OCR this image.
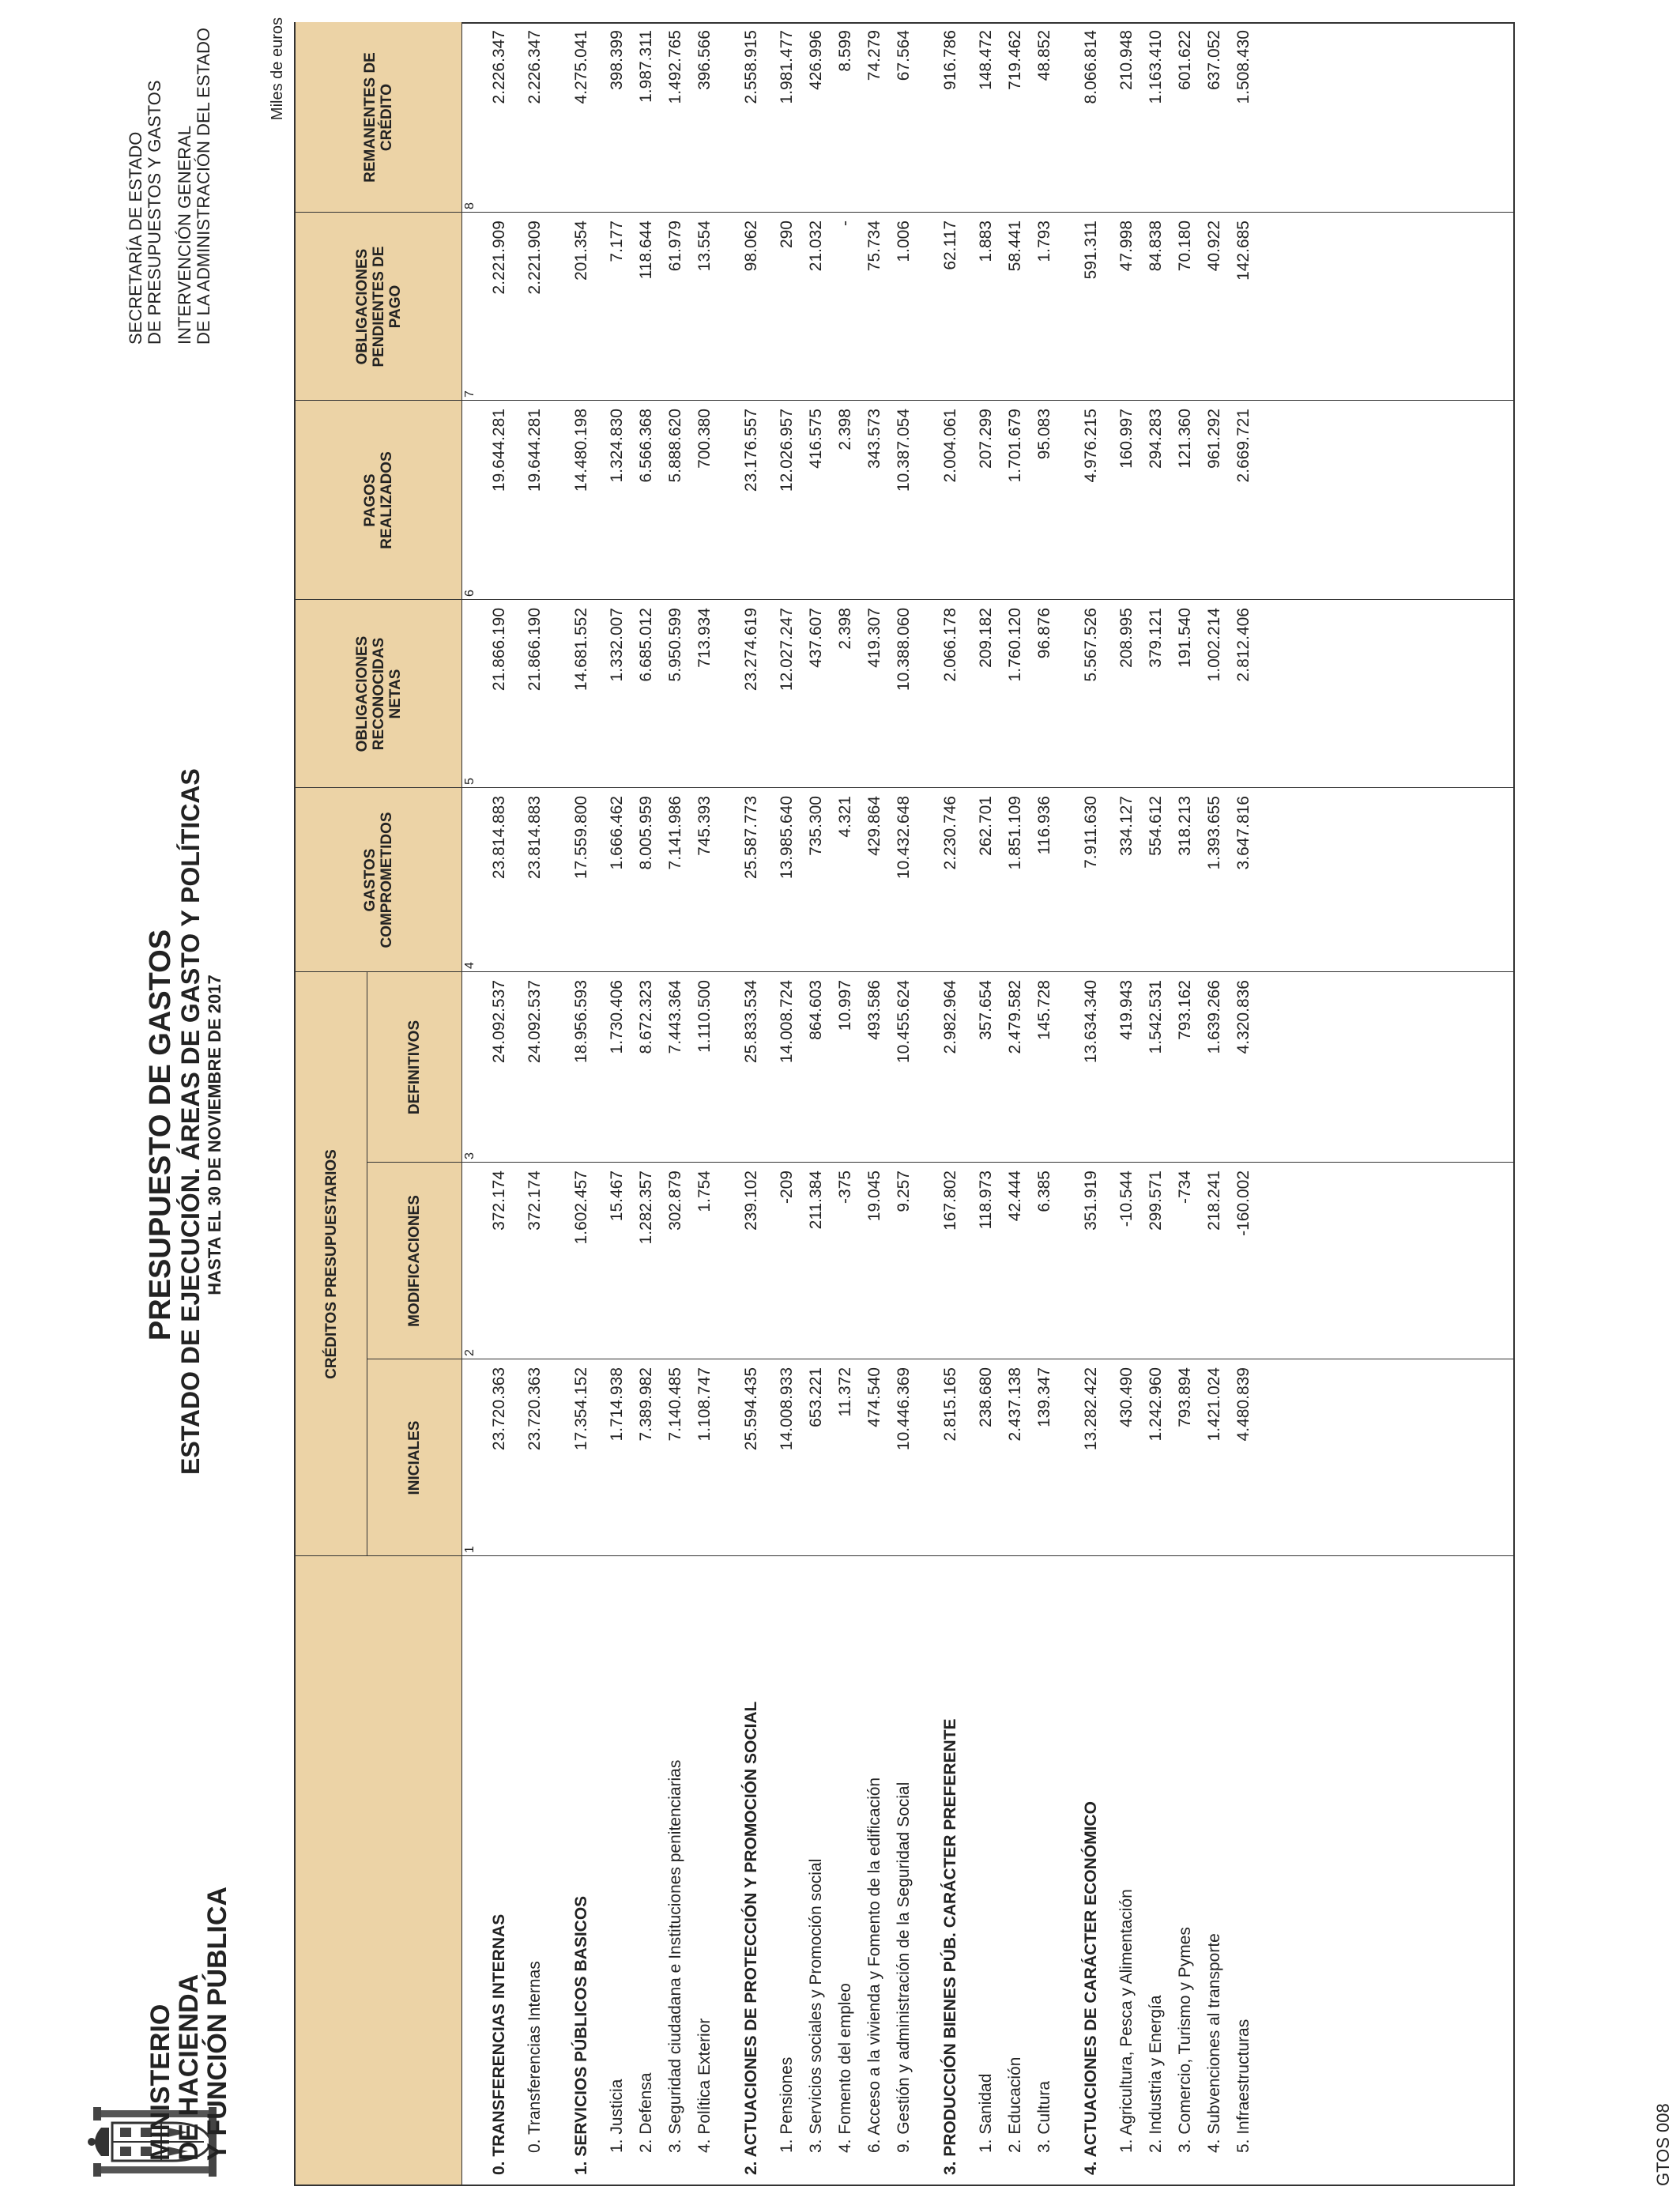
MINISTERIO
DE HACIENDA
Y FUNCIÓN PÚBLICA
PRESUPUESTO DE GASTOS ESTADO DE EJECUCIÓN. ÁREAS DE GASTO Y POLÍTICAS HASTA EL 30 DE NOVIEMBRE DE 2017
SECRETARÍA DE ESTADO DE PRESUPUESTOS Y GASTOS INTERVENCIÓN GENERAL DE LA ADMINISTRACIÓN DEL ESTADO	Miles de euros
CRÉDITOS PRESUPUESTARIOS
INICIALES
1
MODIFICACIONES
2
DEFINITIVOS
3
GASTOS COMPROMETIDOS
4
OBLIGACIONES RECONOCIDAS NETAS
5
PAGOS REALIZADOS
6
OBLIGACIONES PENDIENTES DE PAGO
7
REMANENTES DE CRÉDITO
8
0. TRANSFERENCIAS INTERNAS
23.720.363
372.174
24.092.537
23.814.883
21.866.190
19.644.281
2.221.909
2.226.347
0. Transferencias Internas
23.720.363
372.174
24.092.537
23.814.883
21.866.190
19.644.281
2.221.909
2.226.347
1. SERVICIOS PÚBLICOS BASICOS
17.354.152
1.602.457
18.956.593
17.559.800
14.681.552
14.480.198
201.354
4.275.041
1. Justicia
1.714.938
15.467
1.730.406
1.666.462
1.332.007
1.324.830
7.177
398.399
2. Defensa
7.389.982
1.282.357
8.672.323
8.005.959
6.685.012
6.566.368
118.644
1.987.311
3. Seguridad ciudadana e Instituciones penitenciarias
7.140.485
302.879
7.443.364
7.141.986
5.950.599
5.888.620
61.979
1.492.765
4. Política Exterior
1.108.747
1.754
1.110.500
745.393
713.934
700.380
13.554
396.566
2. ACTUACIONES DE PROTECCIÓN Y PROMOCIÓN SOCIAL
25.594.435
239.102
25.833.534
25.587.773
23.274.619
23.176.557
98.062
2.558.915
1. Pensiones
14.008.933
-209
14.008.724
13.985.640
12.027.247
12.026.957
290
1.981.477
3. Servicios sociales y Promoción social
653.221
211.384
864.603
735.300
437.607
416.575
21.032
426.996
4. Fomento del empleo
11.372
-375
10.997
4.321
2.398
2.398
-
8.599
6. Acceso a la vivienda y Fomento de la edificación
474.540
19.045
493.586
429.864
419.307
343.573
75.734
74.279
9. Gestión y administración de la Seguridad Social
10.446.369
9.257
10.455.624
10.432.648
10.388.060
10.387.054
1.006
67.564
3. PRODUCCIÓN BIENES PÚB. CARÁCTER PREFERENTE
2.815.165
167.802
2.982.964
2.230.746
2.066.178
2.004.061
62.117
916.786
1. Sanidad
238.680
118.973
357.654
262.701
209.182
207.299
1.883
148.472
2. Educación
2.437.138
42.444
2.479.582
1.851.109
1.760.120
1.701.679
58.441
719.462
3. Cultura
139.347
6.385
145.728
116.936
96.876
95.083
1.793
48.852
4. ACTUACIONES DE CARÁCTER ECONÓMICO
13.282.422
351.919
13.634.340
7.911.630
5.567.526
4.976.215
591.311
8.066.814
1. Agricultura, Pesca y Alimentación
430.490
-10.544
419.943
334.127
208.995
160.997
47.998
210.948
2. Industria y Energía
1.242.960
299.571
1.542.531
554.612
379.121
294.283
84.838
1.163.410
3. Comercio, Turismo y Pymes
793.894
-734
793.162
318.213
191.540
121.360
70.180
601.622
4. Subvenciones al transporte
1.421.024
218.241
1.639.266
1.393.655
1.002.214
961.292
40.922
637.052
5. Infraestructuras
4.480.839
-160.002
4.320.836
3.647.816
2.812.406
2.669.721
142.685
1.508.430
GTOS 008
